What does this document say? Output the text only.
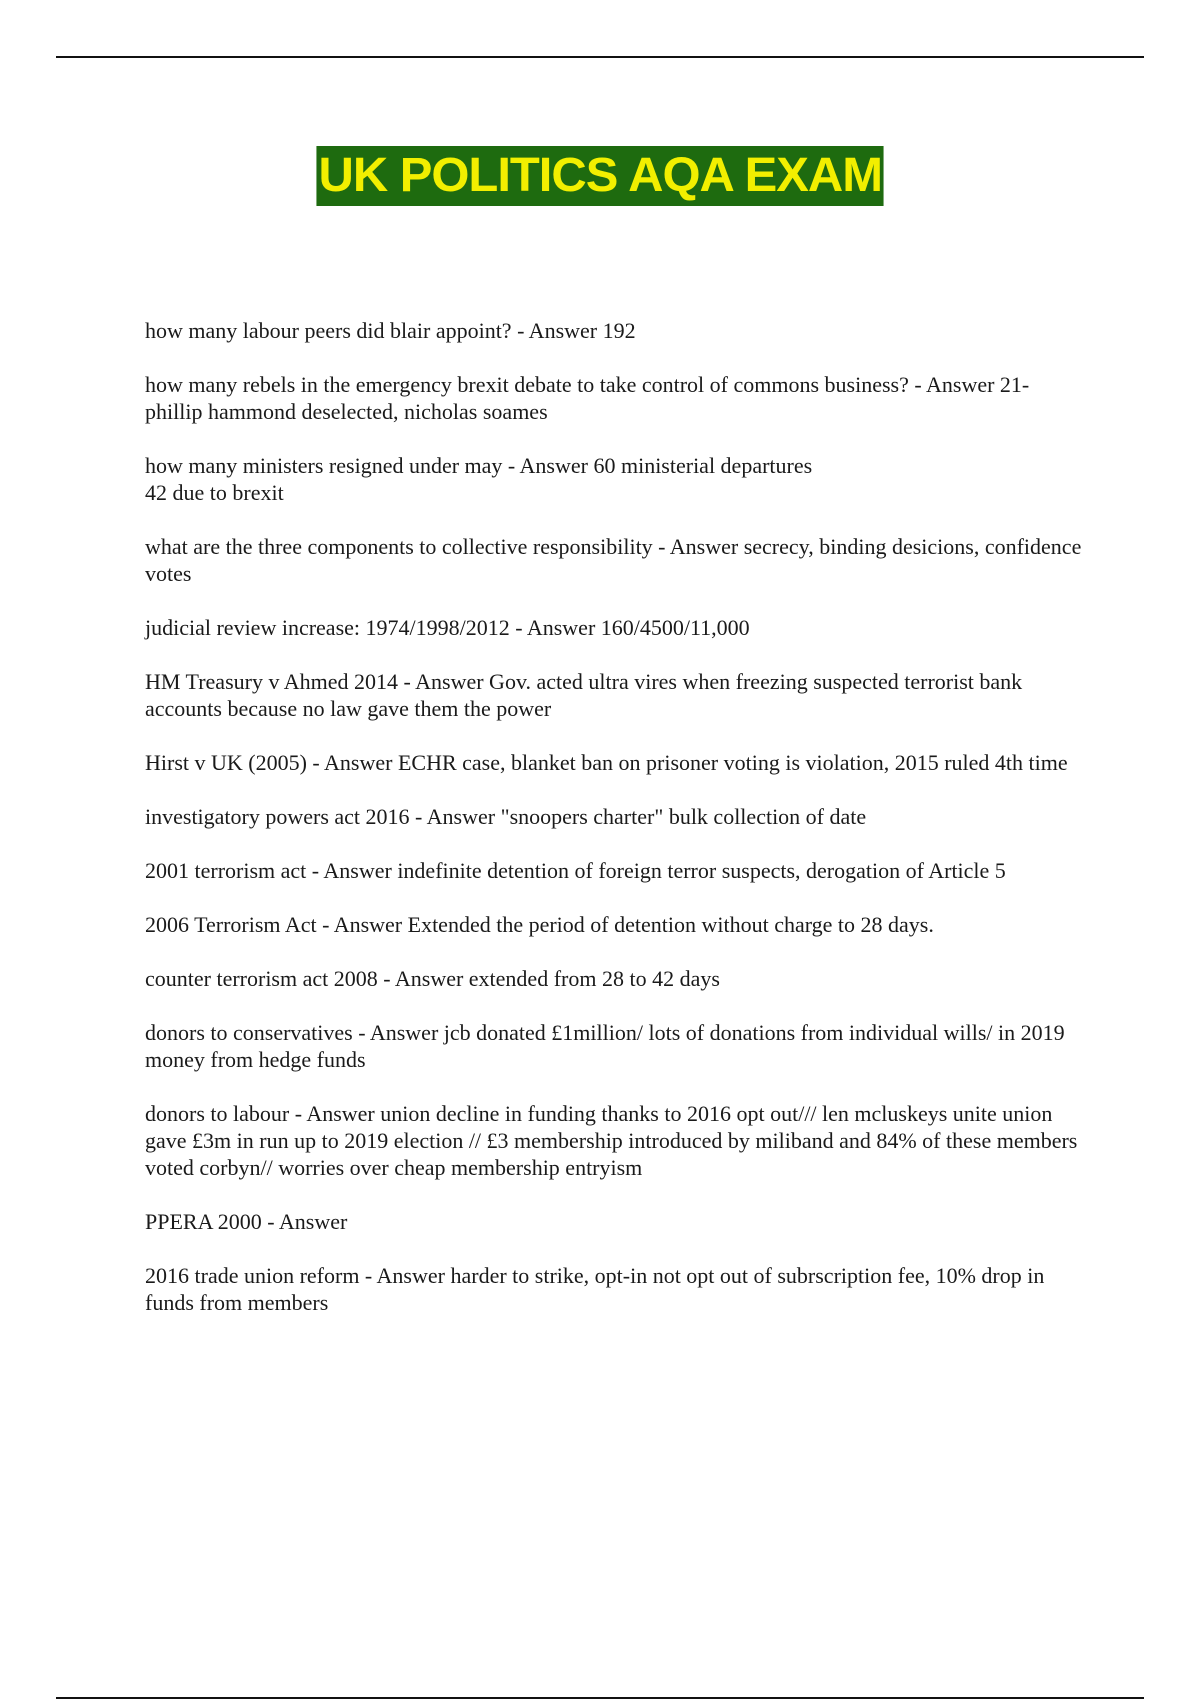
UK POLITICS AQA EXAM

how many labour peers did blair appoint? - Answer 192

how many rebels in the emergency brexit debate to take control of commons business? - Answer 21- phillip hammond deselected, nicholas soames

how many ministers resigned under may - Answer 60 ministerial departures
42 due to brexit

what are the three components to collective responsibility - Answer secrecy, binding desicions, confidence votes

judicial review increase: 1974/1998/2012 - Answer 160/4500/11,000

HM Treasury v Ahmed 2014 - Answer Gov. acted ultra vires when freezing suspected terrorist bank accounts because no law gave them the power

Hirst v UK (2005) - Answer ECHR case, blanket ban on prisoner voting is violation, 2015 ruled 4th time

investigatory powers act 2016 - Answer "snoopers charter" bulk collection of date

2001 terrorism act - Answer indefinite detention of foreign terror suspects, derogation of Article 5

2006 Terrorism Act - Answer Extended the period of detention without charge to 28 days.

counter terrorism act 2008 - Answer extended from 28 to 42 days

donors to conservatives - Answer jcb donated £1million/ lots of donations from individual wills/ in 2019 money from hedge funds

donors to labour - Answer union decline in funding thanks to 2016 opt out/// len mcluskeys unite union gave £3m in run up to 2019 election // £3 membership introduced by miliband and 84% of these members voted corbyn// worries over cheap membership entryism

PPERA 2000 - Answer

2016 trade union reform - Answer harder to strike, opt-in not opt out of subrscription fee, 10% drop in funds from members
